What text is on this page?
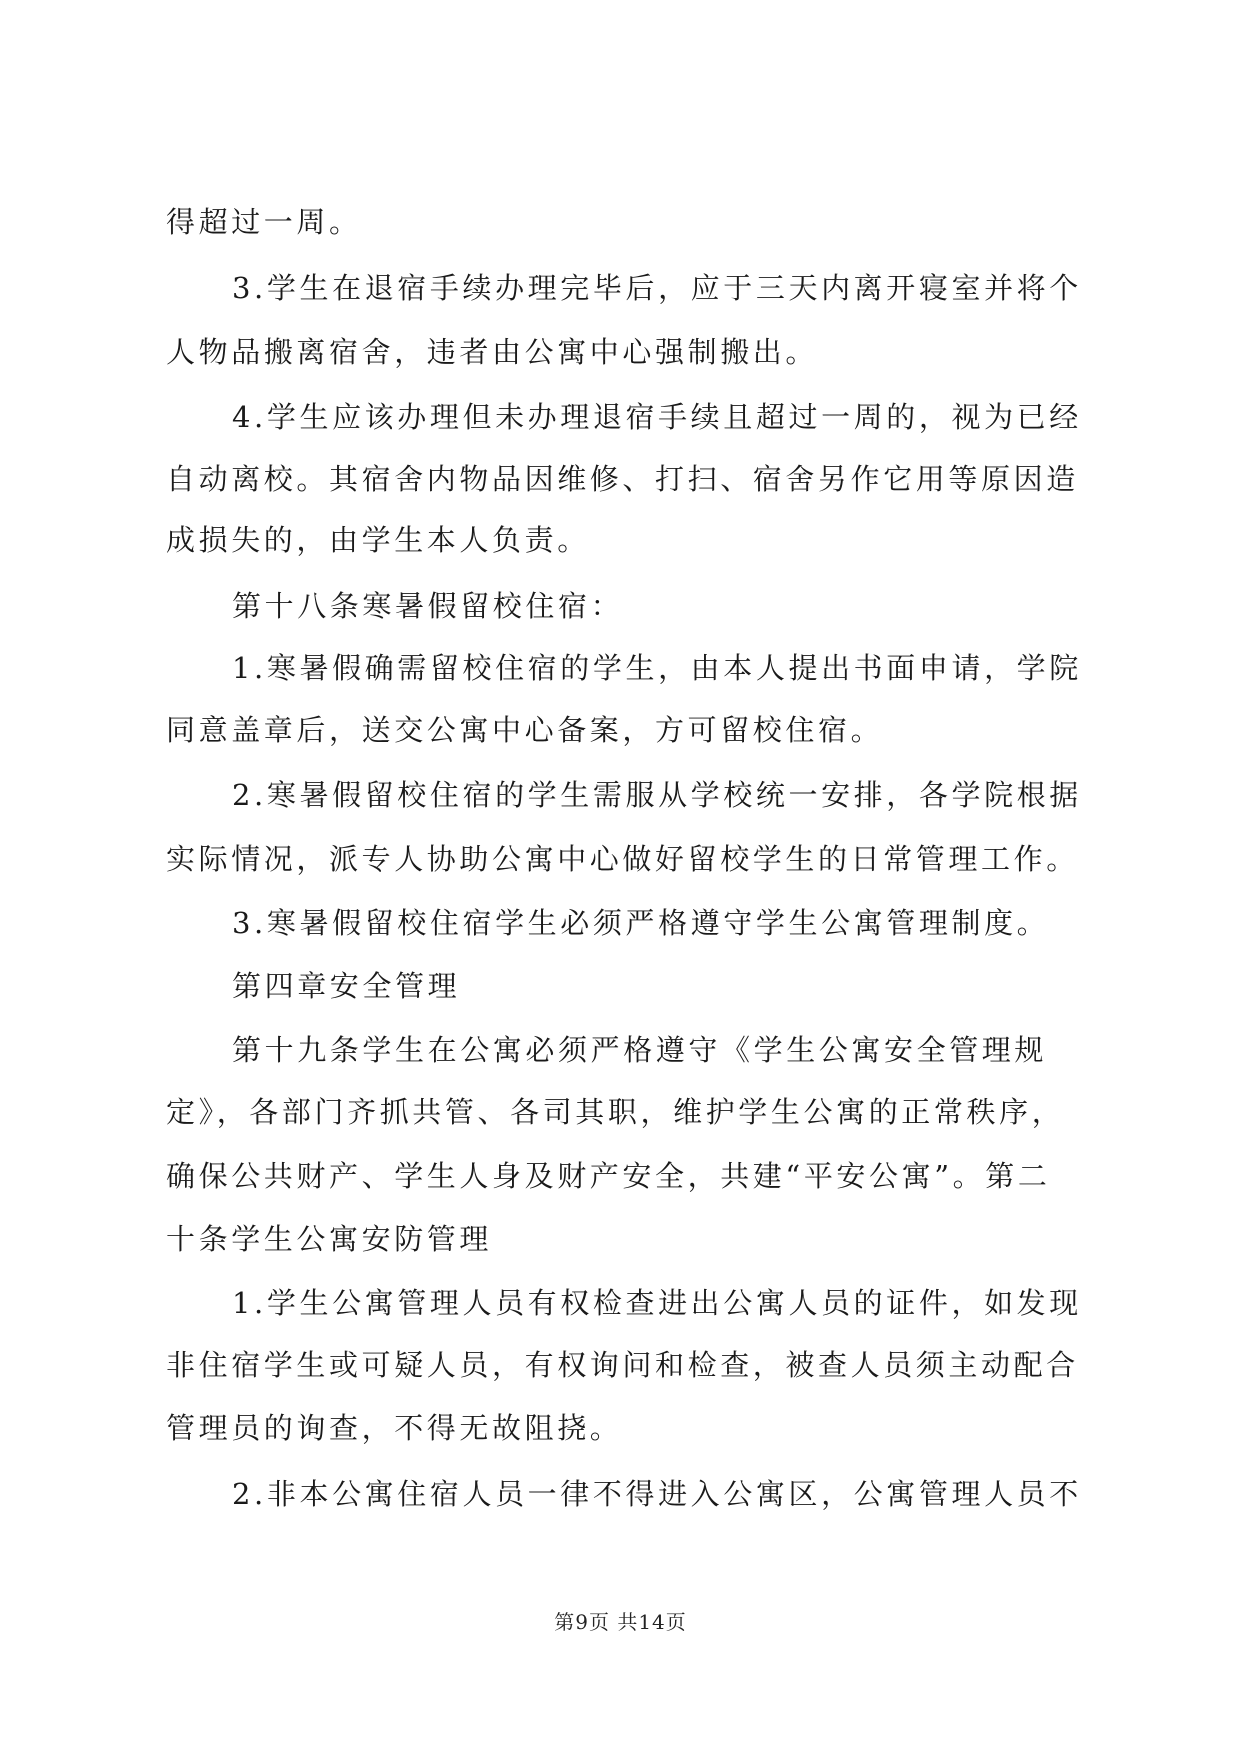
得超过一周。
3.学生在退宿手续办理完毕后，应于三天内离开寝室并将个
人物品搬离宿舍，违者由公寓中心强制搬出。
4.学生应该办理但未办理退宿手续且超过一周的，视为已经
自动离校。其宿舍内物品因维修、打扫、宿舍另作它用等原因造
成损失的，由学生本人负责。
第十八条寒暑假留校住宿：
1.寒暑假确需留校住宿的学生，由本人提出书面申请，学院
同意盖章后，送交公寓中心备案，方可留校住宿。
2.寒暑假留校住宿的学生需服从学校统一安排，各学院根据
实际情况，派专人协助公寓中心做好留校学生的日常管理工作。
3.寒暑假留校住宿学生必须严格遵守学生公寓管理制度。
第四章安全管理
第十九条学生在公寓必须严格遵守《学生公寓安全管理规
定》，各部门齐抓共管、各司其职，维护学生公寓的正常秩序，
确保公共财产、学生人身及财产安全，共建“平安公寓”。第二
十条学生公寓安防管理
1.学生公寓管理人员有权检查进出公寓人员的证件，如发现
非住宿学生或可疑人员，有权询问和检查，被查人员须主动配合
管理员的询查，不得无故阻挠。
2.非本公寓住宿人员一律不得进入公寓区，公寓管理人员不
第9页 共14页
